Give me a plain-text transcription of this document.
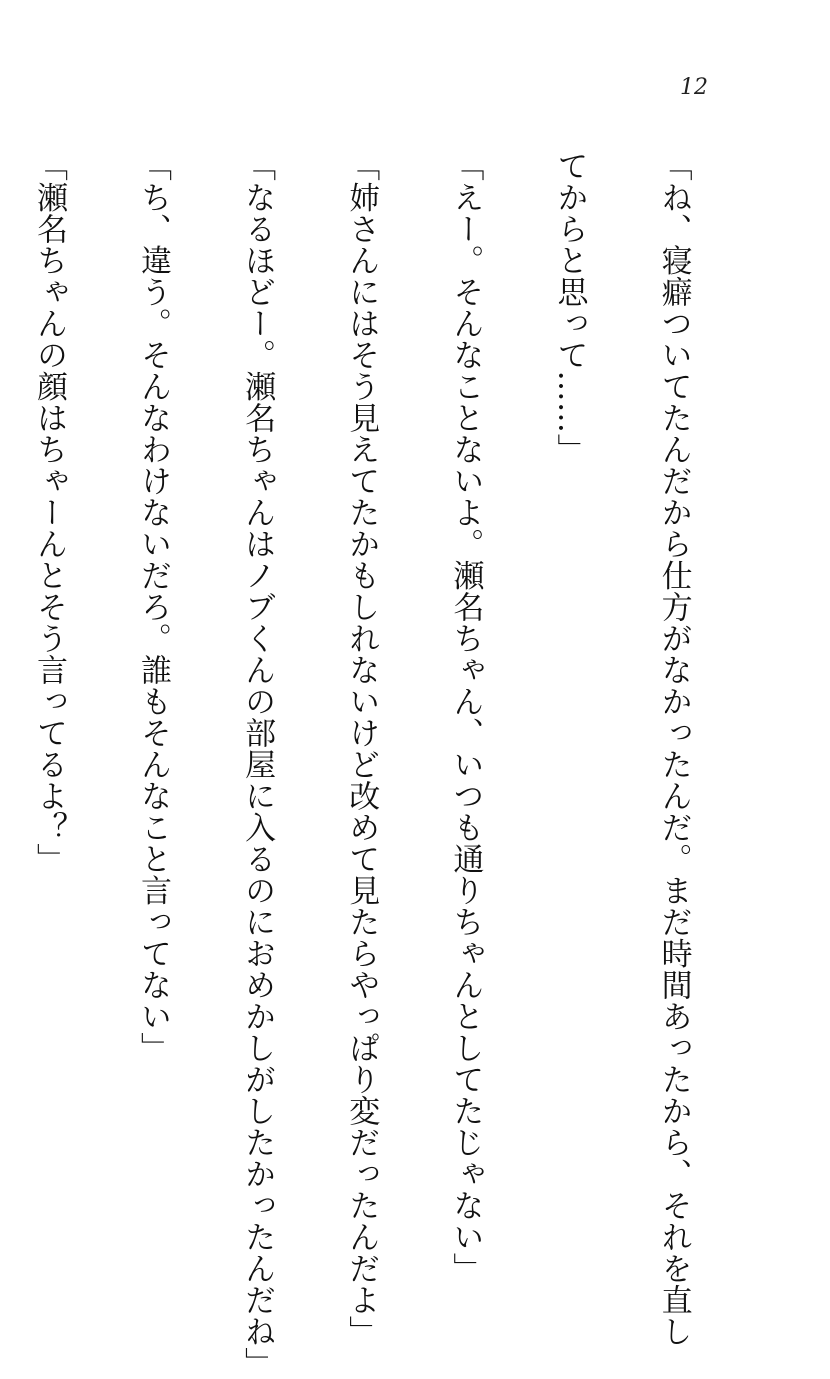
12

「ね、寝癖ついてたんだから仕方がなかったんだ。まだ時間あったから、それを直し

てからと思って……」

「えー。そんなことないよ。瀬名ちゃん、いつも通りちゃんとしてたじゃない」

「姉さんにはそう見えてたかもしれないけど改めて見たらやっぱり変だったんだよ」

「なるほどー。瀬名ちゃんはノブくんの部屋に入るのにおめかしがしたかったんだね」

「ち、違う。そんなわけないだろ。誰もそんなこと言ってない」

「瀬名ちゃんの顔はちゃーんとそう言ってるよ？」
